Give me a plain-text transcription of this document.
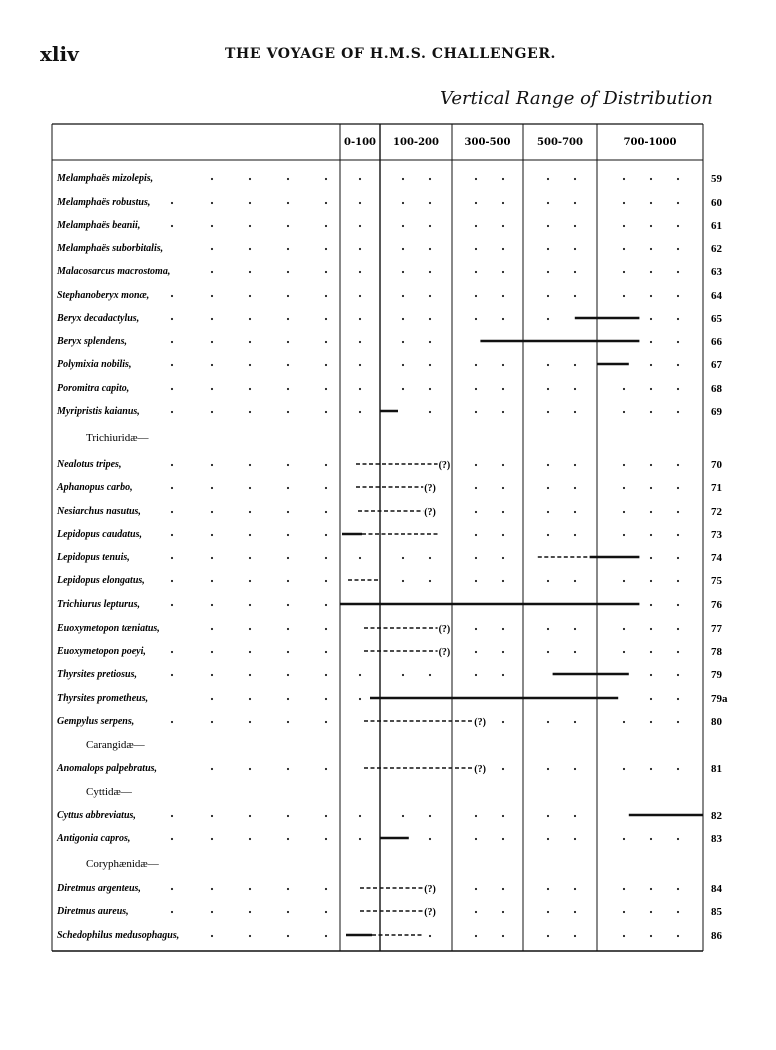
xliv	THE VOYAGE OF H.M.S. CHALLENGER.
Vertical Range of Distribution
0-100 100-200	300-500	500-700	700-1000
Melamphaës mizolepis,	59
Melamphaës robustus,	60
Melamphaës beanii,	61
Melamphaës suborbitalis,	62
Malacosarcus macrostoma,	63
Stephanoberyx monæ,	64
Beryx decadactylus,	65
Beryx splendens,	66
Polymixia nobilis,	67
Poromitra capito,	68
Myripristis kaianus,	69
Trichiuridæ—
Nealotus tripes,	(?)	70
Aphanopus carbo,	(?)	71
Nesiarchus nasutus,	(?)	72
Lepidopus caudatus,	73
Lepidopus tenuis,	74
Lepidopus elongatus,	75
Trichiurus lepturus,	76
Euoxymetopon tæniatus,	(?)	77
Euoxymetopon poeyi,	(?)	78
Thyrsites pretiosus,	79
Thyrsites prometheus,	79a
Gempylus serpens,	(?)	80
Carangidæ—
Anomalops palpebratus,	(?)	81
Cyttidæ—
Cyttus abbreviatus,	82
Antigonia capros,	83
Coryphænidæ—
Diretmus argenteus,	(?)	84
Diretmus aureus,	(?)	85
Schedophilus medusophagus,	86
